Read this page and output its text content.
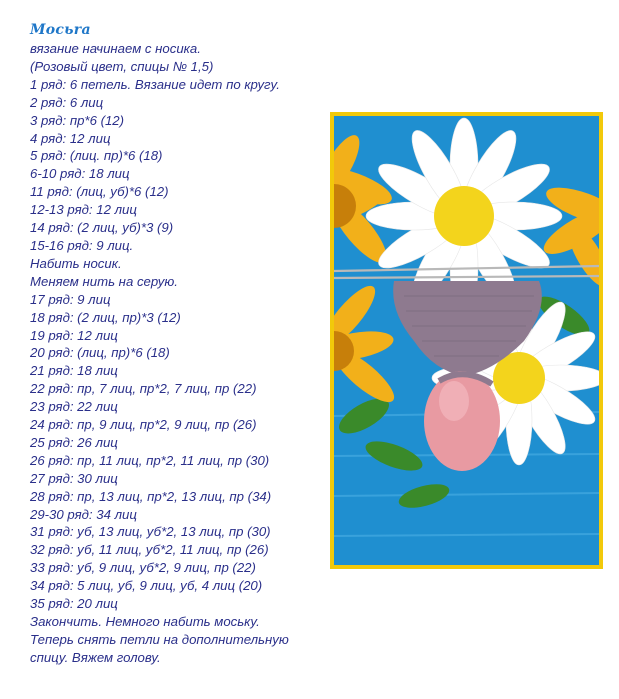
Мосьrа
вязание начинаем с носика.
(Розовый цвет, спицы № 1,5)
1 ряд: 6 петель. Вязание идет по кругу.
2 ряд: 6 лиц
3 ряд: пр*6 (12)
4 ряд: 12 лиц
5 ряд: (лиц. пр)*6 (18)
6-10 ряд: 18 лиц
11 ряд: (лиц, уб)*6 (12)
12-13 ряд: 12 лиц
14 ряд: (2 лиц, уб)*3 (9)
15-16 ряд: 9 лиц.
Набить носик.
Меняем нить на серую.
17 ряд: 9 лиц
18 ряд: (2 лиц, пр)*3 (12)
19 ряд: 12 лиц
20 ряд: (лиц, пр)*6 (18)
21 ряд: 18 лиц
22 ряд: пр, 7 лиц, пр*2, 7 лиц, пр (22)
23 ряд: 22 лиц
24 ряд: пр, 9 лиц, пр*2, 9 лиц, пр (26)
25 ряд: 26 лиц
26 ряд: пр, 11 лиц, пр*2, 11 лиц, пр (30)
27 ряд: 30 лиц
28 ряд: пр, 13 лиц, пр*2, 13 лиц, пр (34)
29-30 ряд: 34 лиц
31 ряд: уб, 13 лиц, уб*2, 13 лиц, пр (30)
32 ряд: уб, 11 лиц, уб*2, 11 лиц, пр (26)
33 ряд: уб, 9 лиц, уб*2, 9 лиц, пр (22)
34 ряд: 5 лиц, уб, 9 лиц, уб, 4 лиц (20)
35 ряд: 20 лиц
Закончить. Немного набить моську.
Теперь снять петли на дополнительную
спицу. Вяжем голову.
